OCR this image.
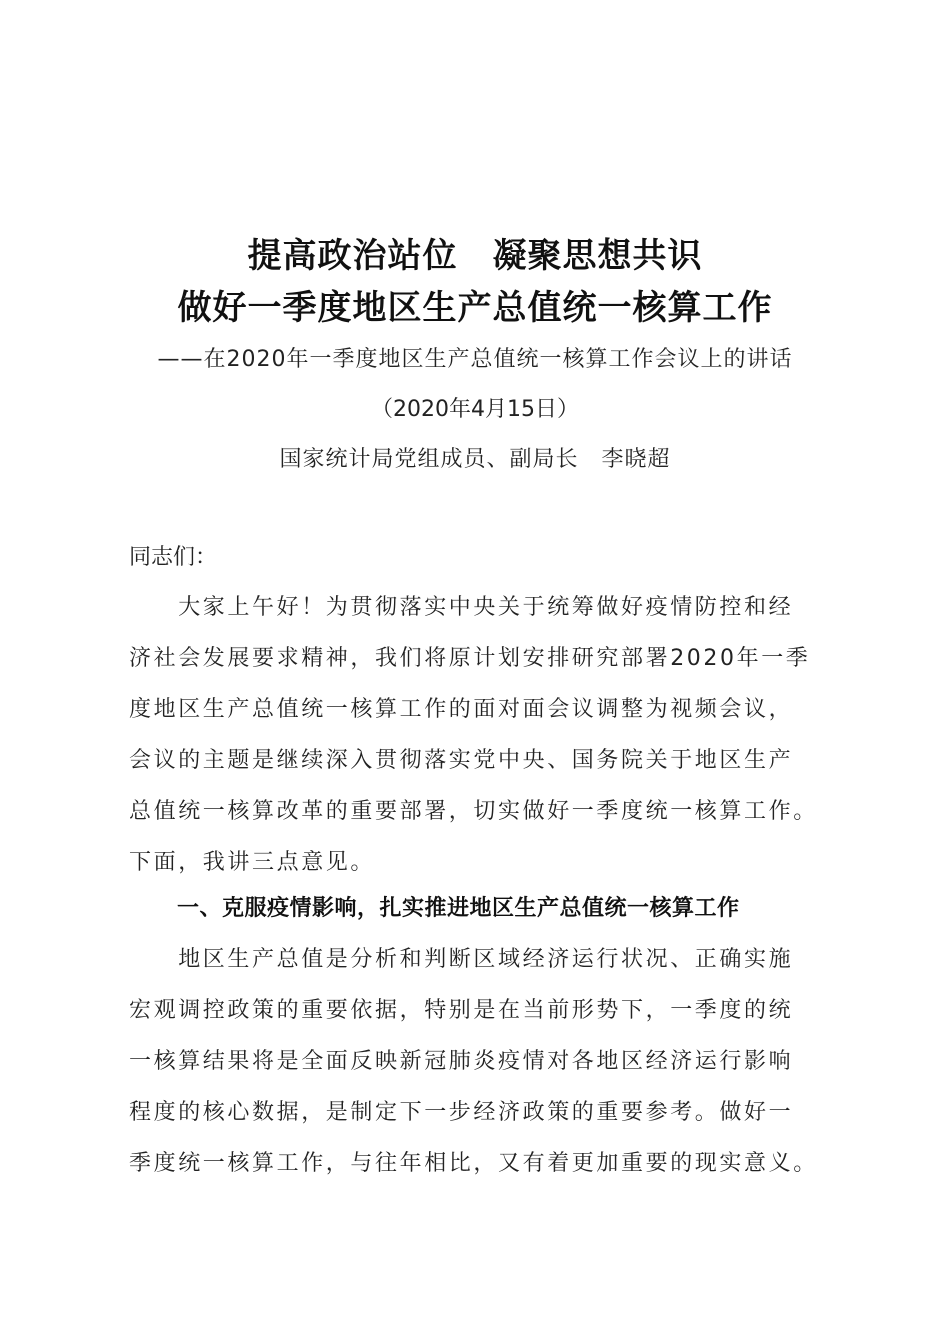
提高政治站位　凝聚思想共识
做好一季度地区生产总值统一核算工作
——在2020年一季度地区生产总值统一核算工作会议上的讲话
（2020年4月15日）
国家统计局党组成员、副局长　李晓超
同志们：
　　大家上午好！为贯彻落实中央关于统筹做好疫情防控和经
济社会发展要求精神，我们将原计划安排研究部署2020年一季
度地区生产总值统一核算工作的面对面会议调整为视频会议，
会议的主题是继续深入贯彻落实党中央、国务院关于地区生产
总值统一核算改革的重要部署，切实做好一季度统一核算工作。
下面，我讲三点意见。
一、克服疫情影响，扎实推进地区生产总值统一核算工作
　　地区生产总值是分析和判断区域经济运行状况、正确实施
宏观调控政策的重要依据，特别是在当前形势下，一季度的统
一核算结果将是全面反映新冠肺炎疫情对各地区经济运行影响
程度的核心数据，是制定下一步经济政策的重要参考。做好一
季度统一核算工作，与往年相比，又有着更加重要的现实意义。
